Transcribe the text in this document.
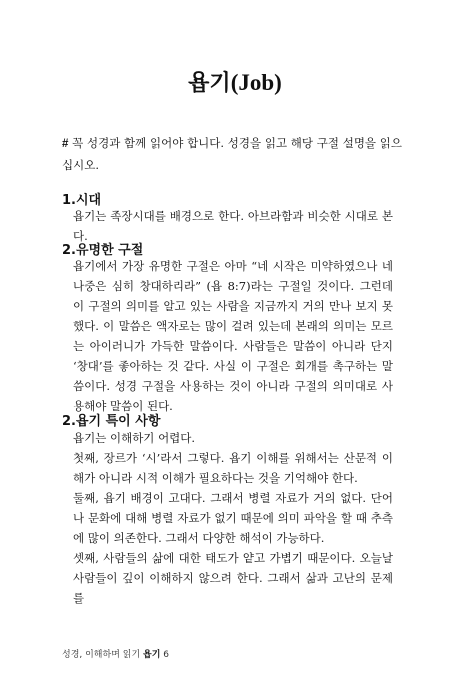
욥기(Job)
# 꼭 성경과 함께 읽어야 합니다. 성경을 읽고 해당 구절 설명을 읽으십시오.
1.시대

욥기는 족장시대를 배경으로 한다. 아브라함과 비슷한 시대로 본다.

2.유명한 구절

욥기에서 가장 유명한 구절은 아마 “네 시작은 미약하였으나 네 나중은 심히 창대하리라” (욥 8:7)라는 구절일 것이다. 그런데 이 구절의 의미를 알고 있는 사람을 지금까지 거의 만나 보지 못했다. 이 말씀은 액자로는 많이 걸려 있는데 본래의 의미는 모르는 아이러니가 가득한 말씀이다. 사람들은 말씀이 아니라 단지 ‘창대’를 좋아하는 것 같다. 사실 이 구절은 회개를 촉구하는 말씀이다. 성경 구절을 사용하는 것이 아니라 구절의 의미대로 사용해야 말씀이 된다.

2.욥기 특이 사항

욥기는 이해하기 어렵다.

첫째, 장르가 ‘시’라서 그렇다. 욥기 이해를 위해서는 산문적 이해가 아니라 시적 이해가 필요하다는 것을 기억해야 한다.

둘째, 욥기 배경이 고대다. 그래서 병렬 자료가 거의 없다. 단어나 문화에 대해 병렬 자료가 없기 때문에 의미 파악을 할 때 추측에 많이 의존한다. 그래서 다양한 해석이 가능하다.

셋째, 사람들의 삶에 대한 태도가 얕고 가볍기 때문이다. 오늘날 사람들이 깊이 이해하지 않으려 한다. 그래서 삶과 고난의 문제를

성경, 이해하며 읽기 욥기 6
